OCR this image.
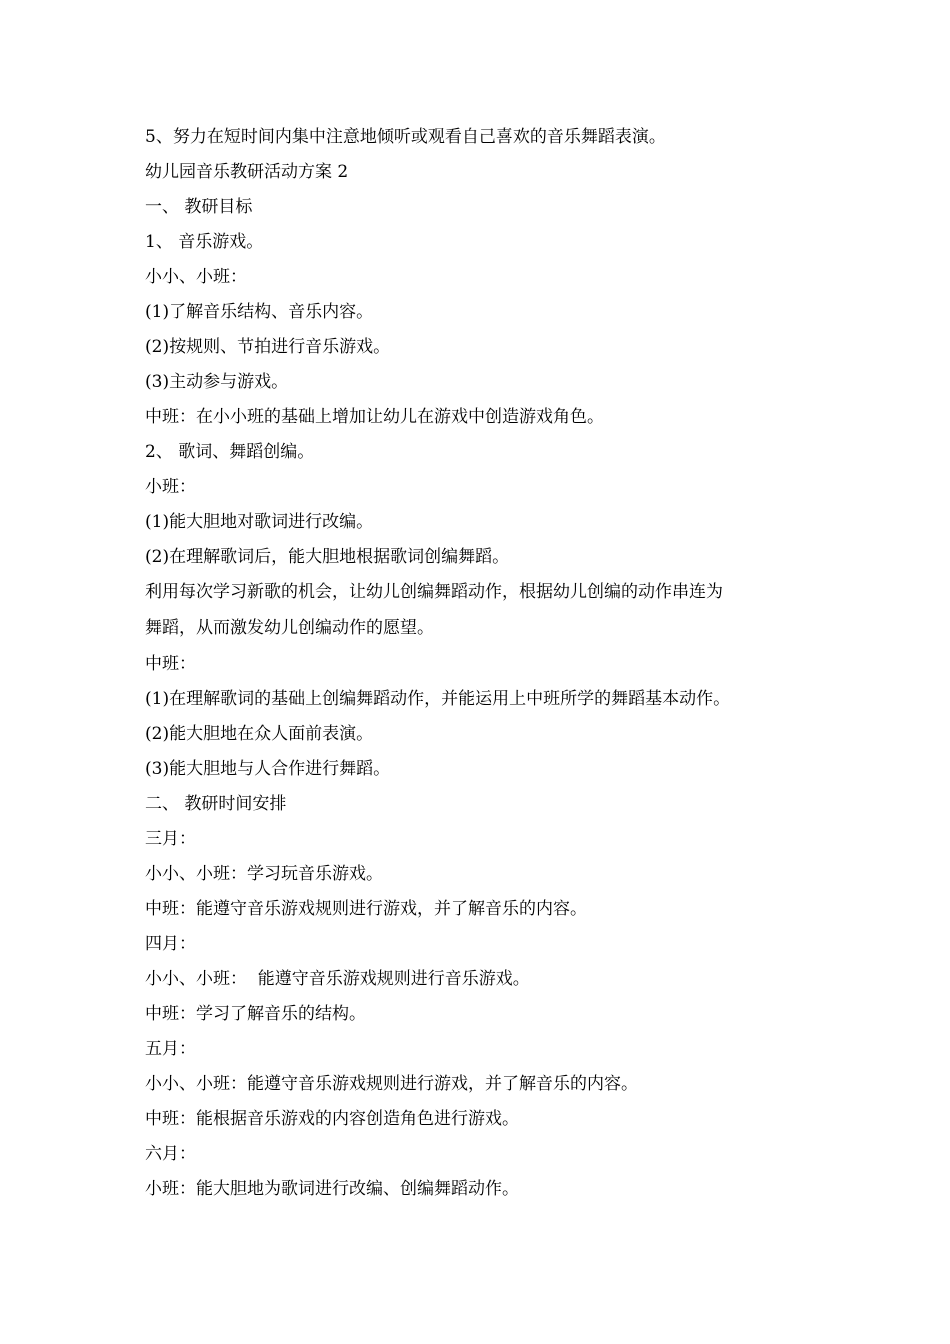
5、努力在短时间内集中注意地倾听或观看自己喜欢的音乐舞蹈表演。

幼儿园音乐教研活动方案 2

一、 教研目标

1、 音乐游戏。

小小、小班：

(1)了解音乐结构、音乐内容。

(2)按规则、节拍进行音乐游戏。

(3)主动参与游戏。

中班：在小小班的基础上增加让幼儿在游戏中创造游戏角色。

2、 歌词、舞蹈创编。

小班：

(1)能大胆地对歌词进行改编。

(2)在理解歌词后，能大胆地根据歌词创编舞蹈。

利用每次学习新歌的机会，让幼儿创编舞蹈动作，根据幼儿创编的动作串连为

舞蹈，从而激发幼儿创编动作的愿望。

中班：

(1)在理解歌词的基础上创编舞蹈动作，并能运用上中班所学的舞蹈基本动作。

(2)能大胆地在众人面前表演。

(3)能大胆地与人合作进行舞蹈。

二、 教研时间安排

三月：

小小、小班：学习玩音乐游戏。

中班：能遵守音乐游戏规则进行游戏，并了解音乐的内容。

四月：

小小、小班：  能遵守音乐游戏规则进行音乐游戏。

中班：学习了解音乐的结构。

五月：

小小、小班：能遵守音乐游戏规则进行游戏，并了解音乐的内容。

中班：能根据音乐游戏的内容创造角色进行游戏。

六月：

小班：能大胆地为歌词进行改编、创编舞蹈动作。
